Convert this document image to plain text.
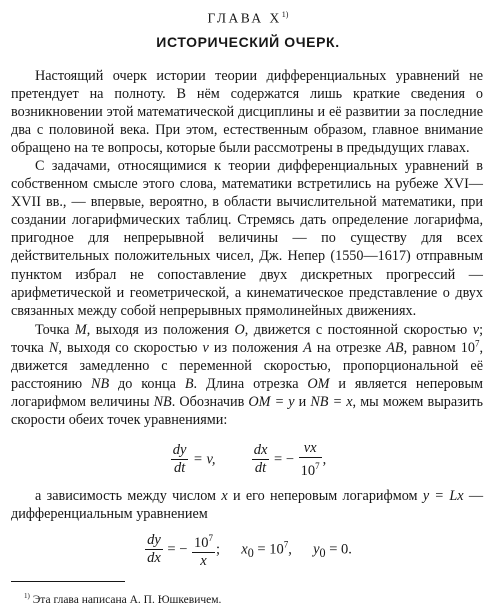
ГЛАВА $X^{1)}$
ИСТОРИЧЕСКИЙ ОЧЕРК.

Настоящий очерк истории теории дифференциальных уравнений не претендует на полноту. В нём содержатся лишь краткие сведения о возникновении этой математической дисциплины и её развитии за последние два с половиной века. При этом, естественным образом, главное внимание обращено на те вопросы, которые были рассмотрены в предыдущих главах.

С задачами, относящимися к теории дифференциальных уравнений в собственном смысле этого слова, математики встретились на рубеже XVI—XVII вв., — впервые, вероятно, в области вычислительной математики, при создании логарифмических таблиц. Стремясь дать определение логарифма, пригодное для непрерывной величины — по существу для всех действительных положительных чисел, Дж. Непер (1550—1617) отправным пунктом избрал не сопоставление двух дискретных прогрессий — арифметической и геометрической, а кинематическое представление о двух связанных между собой непрерывных прямолинейных движениях.

Точка M, выходя из положения O, движется с постоянной скоростью v; точка N, выходя со скоростью v из положения A на отрезке AB, равном $10^7$, движется замедленно с переменной скоростью, пропорциональной её расстоянию NB до конца B. Длина отрезка OM и является неперовым логарифмом величины NB. Обозначив OM = y и NB = x, мы можем выразить скорости обеих точек уравнениями:

$\frac{dy}{dt} = v$,	$\frac{dx}{dt}$ = − $\frac{vx}{10^7}$ ,

а зависимость между числом x и его неперовым логарифмом y = Lx — дифференциальным уравнением

$\frac{dy}{dx}$ = − $\frac{10^7}{x}$ ; $x_0 = 10^7$, $y_0 = 0$.
$^{1)}$ Эта глава написана А. П. Юшкевичем.
